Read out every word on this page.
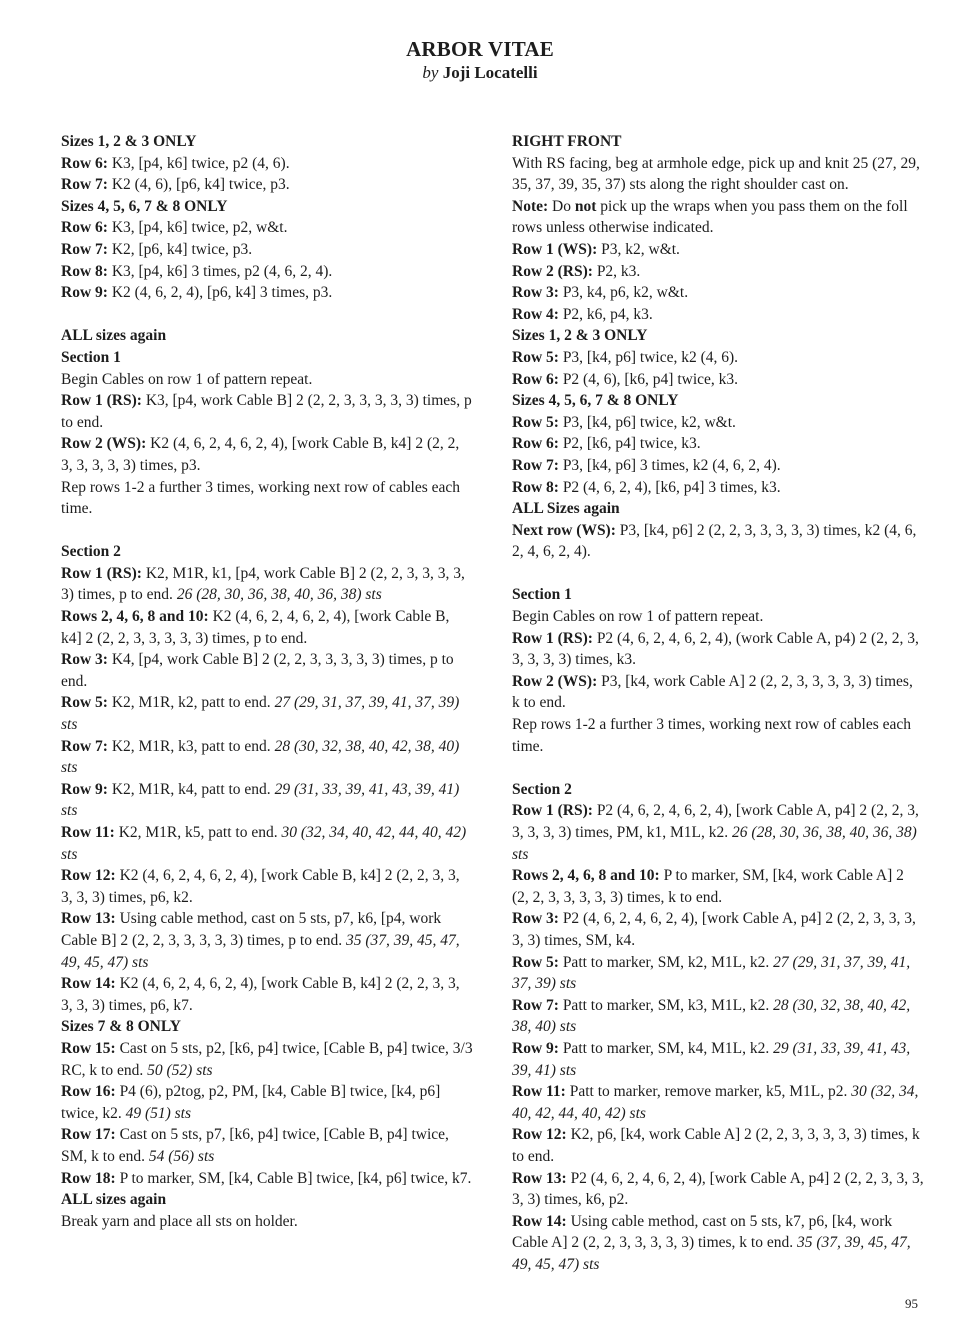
ARBOR VITAE
by Joji Locatelli

Sizes 1, 2 & 3 ONLY

Row 6: K3, [p4, k6] twice, p2 (4, 6).

Row 7: K2 (4, 6), [p6, k4] twice, p3.

Sizes 4, 5, 6, 7 & 8 ONLY

Row 6: K3, [p4, k6] twice, p2, w&t.

Row 7: K2, [p6, k4] twice, p3.

Row 8: K3, [p4, k6] 3 times, p2 (4, 6, 2, 4).

Row 9: K2 (4, 6, 2, 4), [p6, k4] 3 times, p3.

ALL sizes again

Section 1

Begin Cables on row 1 of pattern repeat.

Row 1 (RS): K3, [p4, work Cable B] 2 (2, 2, 3, 3, 3, 3, 3) times, p to end.

Row 2 (WS): K2 (4, 6, 2, 4, 6, 2, 4), [work Cable B, k4] 2 (2, 2, 3, 3, 3, 3, 3) times, p3.

Rep rows 1-2 a further 3 times, working next row of cables each time.

Section 2

Row 1 (RS): K2, M1R, k1, [p4, work Cable B] 2 (2, 2, 3, 3, 3, 3, 3) times, p to end. 26 (28, 30, 36, 38, 40, 36, 38) sts

Rows 2, 4, 6, 8 and 10: K2 (4, 6, 2, 4, 6, 2, 4), [work Cable B, k4] 2 (2, 2, 3, 3, 3, 3, 3) times, p to end.

Row 3: K4, [p4, work Cable B] 2 (2, 2, 3, 3, 3, 3, 3) times, p to end.

Row 5: K2, M1R, k2, patt to end. 27 (29, 31, 37, 39, 41, 37, 39) sts

Row 7: K2, M1R, k3, patt to end. 28 (30, 32, 38, 40, 42, 38, 40) sts

Row 9: K2, M1R, k4, patt to end. 29 (31, 33, 39, 41, 43, 39, 41) sts

Row 11: K2, M1R, k5, patt to end. 30 (32, 34, 40, 42, 44, 40, 42) sts

Row 12: K2 (4, 6, 2, 4, 6, 2, 4), [work Cable B, k4] 2 (2, 2, 3, 3, 3, 3, 3) times, p6, k2.

Row 13: Using cable method, cast on 5 sts, p7, k6, [p4, work Cable B] 2 (2, 2, 3, 3, 3, 3, 3) times, p to end. 35 (37, 39, 45, 47, 49, 45, 47) sts

Row 14: K2 (4, 6, 2, 4, 6, 2, 4), [work Cable B, k4] 2 (2, 2, 3, 3, 3, 3, 3) times, p6, k7.

Sizes 7 & 8 ONLY

Row 15: Cast on 5 sts, p2, [k6, p4] twice, [Cable B, p4] twice, 3/3 RC, k to end. 50 (52) sts

Row 16: P4 (6), p2tog, p2, PM, [k4, Cable B] twice, [k4, p6] twice, k2. 49 (51) sts

Row 17: Cast on 5 sts, p7, [k6, p4] twice, [Cable B, p4] twice, SM, k to end. 54 (56) sts

Row 18: P to marker, SM, [k4, Cable B] twice, [k4, p6] twice, k7.

ALL sizes again

Break yarn and place all sts on holder.

RIGHT FRONT

With RS facing, beg at armhole edge, pick up and knit 25 (27, 29, 35, 37, 39, 35, 37) sts along the right shoulder cast on.

Note: Do not pick up the wraps when you pass them on the foll rows unless otherwise indicated.

Row 1 (WS): P3, k2, w&t.

Row 2 (RS): P2, k3.

Row 3: P3, k4, p6, k2, w&t.

Row 4: P2, k6, p4, k3.

Sizes 1, 2 & 3 ONLY

Row 5: P3, [k4, p6] twice, k2 (4, 6).

Row 6: P2 (4, 6), [k6, p4] twice, k3.

Sizes 4, 5, 6, 7 & 8 ONLY

Row 5: P3, [k4, p6] twice, k2, w&t.

Row 6: P2, [k6, p4] twice, k3.

Row 7: P3, [k4, p6] 3 times, k2 (4, 6, 2, 4).

Row 8: P2 (4, 6, 2, 4), [k6, p4] 3 times, k3.

ALL Sizes again

Next row (WS): P3, [k4, p6] 2 (2, 2, 3, 3, 3, 3, 3) times, k2 (4, 6, 2, 4, 6, 2, 4).

Section 1

Begin Cables on row 1 of pattern repeat.

Row 1 (RS): P2 (4, 6, 2, 4, 6, 2, 4), (work Cable A, p4) 2 (2, 2, 3, 3, 3, 3, 3) times, k3.

Row 2 (WS): P3, [k4, work Cable A] 2 (2, 2, 3, 3, 3, 3, 3) times, k to end.

Rep rows 1-2 a further 3 times, working next row of cables each time.

Section 2

Row 1 (RS): P2 (4, 6, 2, 4, 6, 2, 4), [work Cable A, p4] 2 (2, 2, 3, 3, 3, 3, 3) times, PM, k1, M1L, k2. 26 (28, 30, 36, 38, 40, 36, 38) sts

Rows 2, 4, 6, 8 and 10: P to marker, SM, [k4, work Cable A] 2 (2, 2, 3, 3, 3, 3, 3) times, k to end.

Row 3: P2 (4, 6, 2, 4, 6, 2, 4), [work Cable A, p4] 2 (2, 2, 3, 3, 3, 3, 3) times, SM, k4.

Row 5: Patt to marker, SM, k2, M1L, k2. 27 (29, 31, 37, 39, 41, 37, 39) sts

Row 7: Patt to marker, SM, k3, M1L, k2. 28 (30, 32, 38, 40, 42, 38, 40) sts

Row 9: Patt to marker, SM, k4, M1L, k2. 29 (31, 33, 39, 41, 43, 39, 41) sts

Row 11: Patt to marker, remove marker, k5, M1L, p2. 30 (32, 34, 40, 42, 44, 40, 42) sts

Row 12: K2, p6, [k4, work Cable A] 2 (2, 2, 3, 3, 3, 3, 3) times, k to end.

Row 13: P2 (4, 6, 2, 4, 6, 2, 4), [work Cable A, p4] 2 (2, 2, 3, 3, 3, 3, 3) times, k6, p2.

Row 14: Using cable method, cast on 5 sts, k7, p6, [k4, work Cable A] 2 (2, 2, 3, 3, 3, 3, 3) times, k to end. 35 (37, 39, 45, 47, 49, 45, 47) sts

95
